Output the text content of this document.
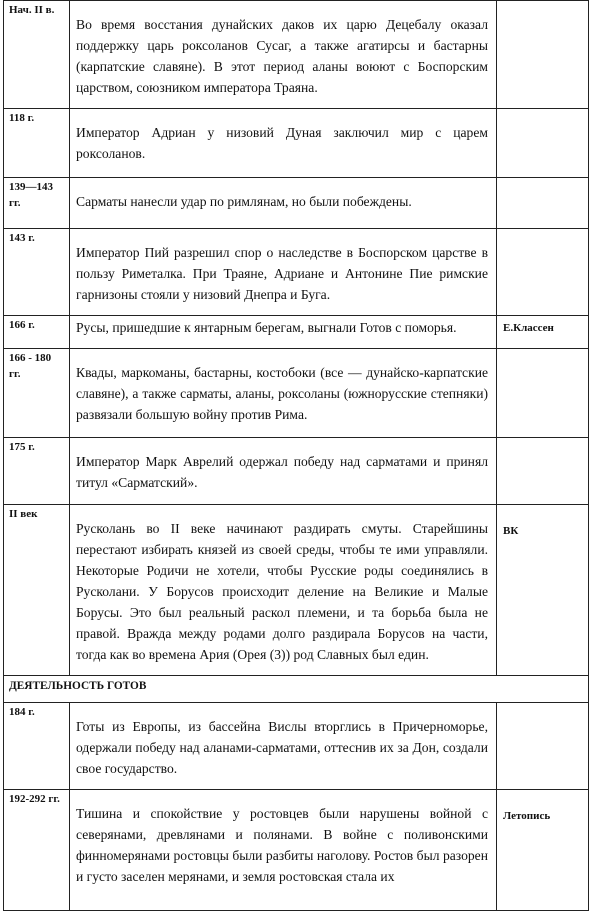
Нач. II в.	Во время восстания дунайских даков их царю Децебалу оказал поддержку царь роксоланов Сусаг, а также агатирсы и бастарны (карпатские славяне). В этот период аланы воюют с Боспорским царством, союзником императора Траяна.	

118 г.	Император Адриан у низовий Дуная заключил мир с царем роксоланов.	

139—143 гг.	Сарматы нанесли удар по римлянам, но были побеждены.	

143 г.	Император Пий разрешил спор о наследстве в Боспорском царстве в пользу Риметалка. При Траяне, Адриане и Антонине Пие римские гарнизоны стояли у низовий Днепра и Буга.	

166 г.	Русы, пришедшие к янтарным берегам, выгнали Готов с поморья.	Е.Классен

166 - 180 гг.	Квады, маркоманы, бастарны, костобоки (все — дунайско-карпатские славяне), а также сарматы, аланы, роксоланы (южнорусские степняки) развязали большую войну против Рима.	

175 г.	Император Марк Аврелий одержал победу над сарматами и принял титул «Сарматский».	

II век	Русколань во II веке начинают раздирать смуты. Старейшины перестают избирать князей из своей среды, чтобы те ими управляли. Некоторые Родичи не хотели, чтобы Русские роды соединялись в Русколани. У Борусов происходит деление на Великие и Малые Борусы. Это был реальный раскол племени, и та борьба была не правой. Вражда между родами долго раздирала Борусов на части, тогда как во времена Ария (Орея (3)) род Славных был един.	ВК

ДЕЯТЕЛЬНОСТЬ ГОТОВ		

184 г.	Готы из Европы, из бассейна Вислы вторглись в Причерноморье, одержали победу над аланами-сарматами, оттеснив их за Дон, создали свое государство.	

192-292 гг.	Тишина и спокойствие у ростовцев были нарушены войной с северянами, древлянами и полянами. В войне с поливонскими финномерянами ростовцы были разбиты наголову. Ростов был разорен и густо заселен мерянами, и земля ростовская стала их	Летопись
